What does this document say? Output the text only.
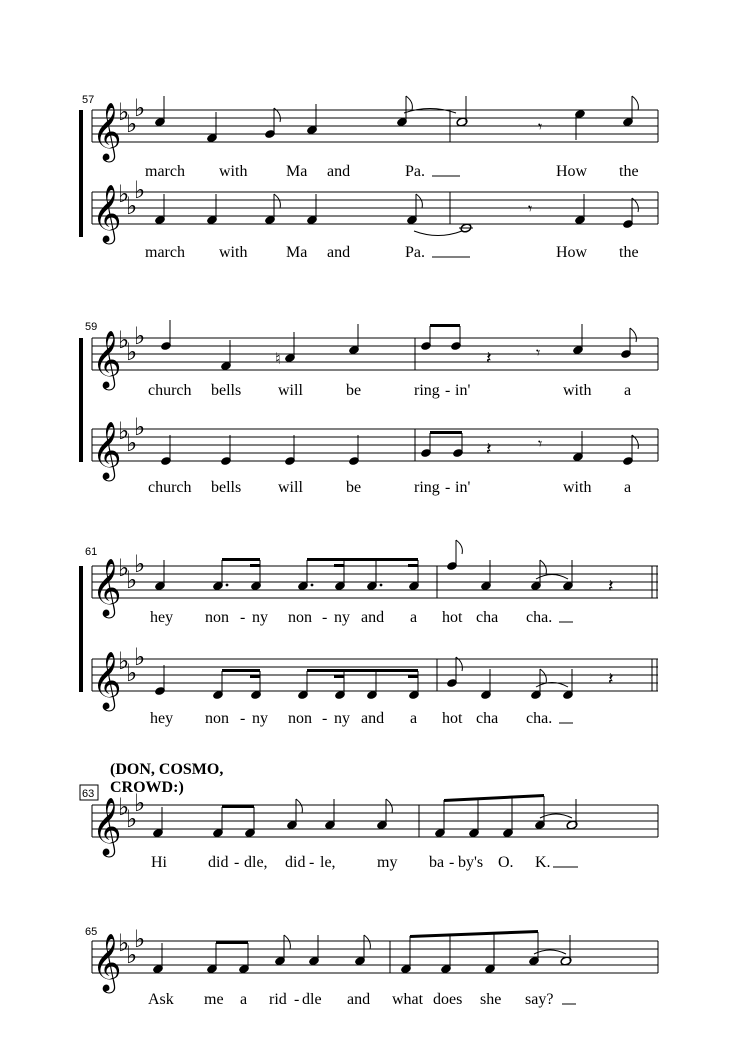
57
𝄞
♭
♭
♭
𝄾
march with Ma and	Pa.	How the
𝄞
♭
♭
♭
𝄾
march with Ma and	Pa.	How the
59
𝄞
♭
♭
♭
♮	𝄽	𝄾
church bells will	be	ring - in'	with a
𝄞
♭
♭
♭
𝄽	𝄾
church bells will	be	ring - in'	with a
61
𝄞
♭
♭
♭
𝄽
hey non - ny non - ny and a hot cha cha.
𝄞
♭
♭
♭
𝄽
hey non - ny non - ny and a hot cha cha.
(DON, COSMO,
CROWD:)
63
𝄞
♭
♭
♭
Hi	did - dle, did - le,	my ba - by's O. K.
65
𝄞
♭
♭
♭
Ask me a rid - dle and what does she say?
